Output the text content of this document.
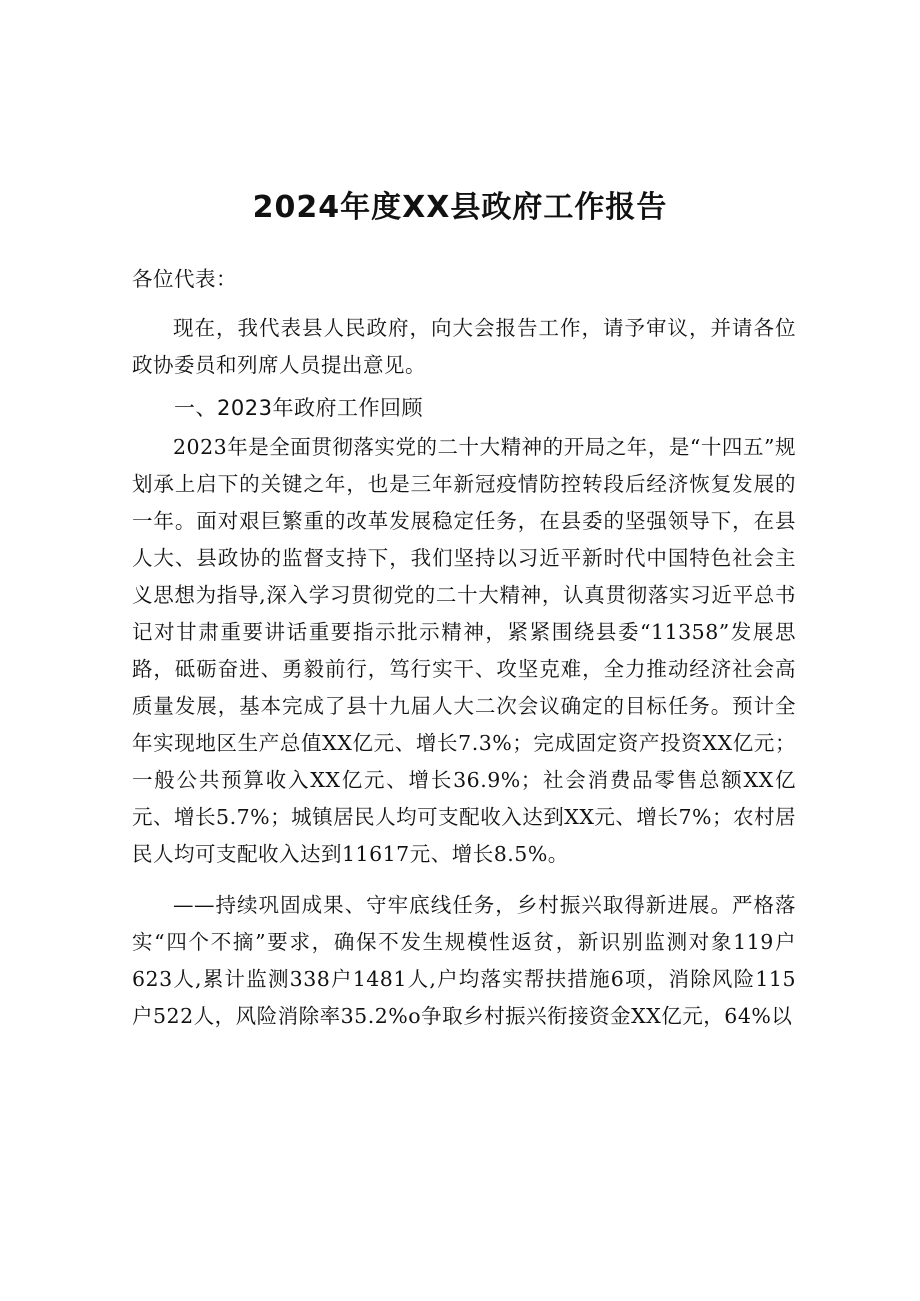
2024年度XX县政府工作报告

各位代表：

现在，我代表县人民政府，向大会报告工作，请予审议，并请各位政协委员和列席人员提出意见。

一、2023年政府工作回顾

2023年是全面贯彻落实党的二十大精神的开局之年，是“十四五”规划承上启下的关键之年，也是三年新冠疫情防控转段后经济恢复发展的一年。面对艰巨繁重的改革发展稳定任务，在县委的坚强领导下，在县人大、县政协的监督支持下，我们坚持以习近平新时代中国特色社会主义思想为指导,深入学习贯彻党的二十大精神，认真贯彻落实习近平总书记对甘肃重要讲话重要指示批示精神，紧紧围绕县委“11358”发展思路，砥砺奋进、勇毅前行，笃行实干、攻坚克难，全力推动经济社会高质量发展，基本完成了县十九届人大二次会议确定的目标任务。预计全年实现地区生产总值XX亿元、增长7.3%；完成固定资产投资XX亿元；一般公共预算收入XX亿元、增长36.9%；社会消费品零售总额XX亿元、增长5.7%；城镇居民人均可支配收入达到XX元、增长7%；农村居民人均可支配收入达到11617元、增长8.5%。

——持续巩固成果、守牢底线任务，乡村振兴取得新进展。严格落实“四个不摘”要求，确保不发生规模性返贫，新识别监测对象119户623人,累计监测338户1481人,户均落实帮扶措施6项，消除风险115户522人，风险消除率35.2%o争取乡村振兴衔接资金XX亿元，64%以
